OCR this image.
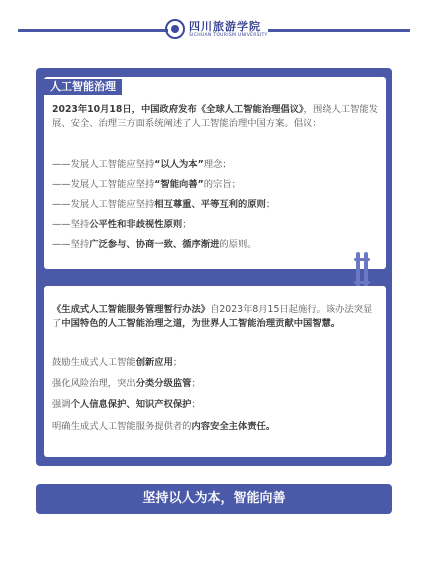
四川旅游学院
SICHUAN TOURISM UNIVERSITY
人工智能治理
2023年10月18日，中国政府发布《全球人工智能治理倡议》，围绕人工智能发展、安全、治理三方面系统阐述了人工智能治理中国方案。倡议：
——发展人工智能应坚持“以人为本”理念；
——发展人工智能应坚持“智能向善”的宗旨；
——发展人工智能应坚持相互尊重、平等互利的原则；
——坚持公平性和非歧视性原则；
——坚持广泛参与、协商一致、循序渐进的原则。
《生成式人工智能服务管理暂行办法》自2023年8月15日起施行。该办法突显了中国特色的人工智能治理之道，为世界人工智能治理贡献中国智慧。
鼓励生成式人工智能创新应用；
强化风险治理，突出分类分级监管；
强调个人信息保护、知识产权保护；
明确生成式人工智能服务提供者的内容安全主体责任。
坚持以人为本，智能向善
